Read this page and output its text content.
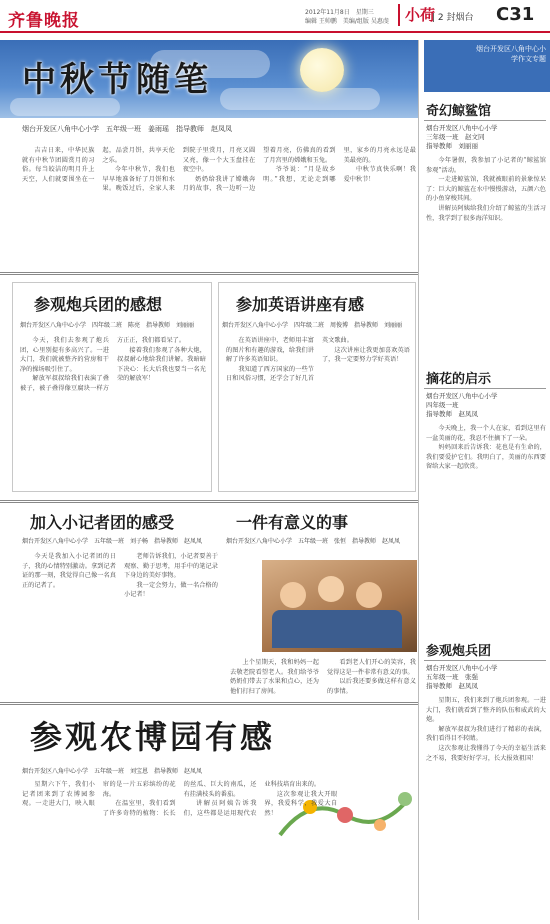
齐鲁晚报	2012年11月8日　星期三
编辑 王帅鹏　美编/组版 吴惠虔 小荷
| 2 封烟台 C31
中秋节随笔
烟台开发区八角中心小学作文专题
烟台开发区八角中心小学　五年级一班　姜雨瑶　指导教师　赵凤凤

吉吉日来，中华民族就有中秋节团圆赏月的习俗。每当皎洁的明月升上天空，人们就要围坐在一起，品尝月饼，共享天伦之乐。

今年中秋节，我们也早早地准备好了月饼和水果。晚饭过后，全家人来到院子里赏月，月亮又圆又亮，像一个大玉盘挂在夜空中。

奶奶给我讲了嫦娥奔月的故事，我一边听一边望着月亮，仿佛真的看到了月宫里的嫦娥和玉兔。

爷爷说：“月是故乡明。”我想，无论走到哪里，家乡的月亮永远是最美最亮的。

中秋节真快乐啊！我爱中秋节！

参观炮兵团的感想
烟台开发区八角中心小学　四年级二班　陈亮　指导教师　刘丽丽

今天，我们去参观了炮兵团，心里别提有多高兴了。一进大门，我们就被整齐的营房和干净的操场吸引住了。

解放军叔叔给我们表演了叠被子，被子叠得像豆腐块一样方方正正，我们都看呆了。

接着我们参观了各种大炮，叔叔耐心地给我们讲解。我暗暗下决心：长大后我也要当一名光荣的解放军！

参加英语讲座有感
烟台开发区八角中心小学　四年级二班　周俊博　指导教师　刘丽丽

在英语讲座中，老师用丰富的图片和有趣的游戏，给我们讲解了许多英语知识。

我知道了西方国家的一些节日和风俗习惯，还学会了好几首英文歌曲。

这次讲座让我更加喜欢英语了，我一定要努力学好英语！

加入小记者团的感受
烟台开发区八角中心小学　五年级一班　刘子畅　指导教师　赵凤凤

今天是我加入小记者团的日子，我的心情特别激动。拿到记者证的那一刻，我觉得自己像一名真正的记者了。

老师告诉我们，小记者要善于观察、勤于思考，用手中的笔记录下身边的美好事物。

我一定会努力，做一名合格的小记者！

一件有意义的事
烟台开发区八角中心小学　五年级一班　张恒　指导教师　赵凤凤

上个星期天，我和妈妈一起去敬老院看望老人。我们给爷爷奶奶们带去了水果和点心，还为他们打扫了房间。

看到老人们开心的笑容，我觉得这是一件非常有意义的事。

以后我还要多做这样有意义的事情。

参观农博园有感
烟台开发区八角中心小学　五年级一班　刘宝恩　指导教师　赵凤凤

星期六下午，我们小记者团来到了农博园参观。一走进大门，映入眼帘的是一片五彩缤纷的花海。

在温室里，我们看到了许多奇特的植物：长长的丝瓜、巨大的南瓜，还有挂满枝头的番茄。

讲解员阿姨告诉我们，这些都是运用现代农业科技培育出来的。

这次参观让我大开眼界，我爱科学，我爱大自然！

奇幻鲸鲨馆
烟台开发区八角中心小学
三年级一班　赵文同
指导教师　刘丽丽

今年暑假，我参加了小记者的“鲸鲨馆参观”活动。

一走进鲸鲨馆，我就被眼前的景象惊呆了：巨大的鲸鲨在水中慢慢游动，五颜六色的小鱼穿梭其间。

讲解员阿姨给我们介绍了鲸鲨的生活习性，我学到了很多海洋知识。

摘花的启示
烟台开发区八角中心小学
四年级一班
指导教师　赵凤凤

今天晚上，我一个人在家，看到这里有一盆美丽的花，我忍不住摘下了一朵。

妈妈回来后告诉我：花也是有生命的，我们要爱护它们。我明白了，美丽的东西要留给大家一起欣赏。

参观炮兵团
烟台开发区八角中心小学
五年级一班　张强
指导教师　赵凤凤

星期五，我们来到了炮兵团参观。一进大门，我们就看到了整齐的队伍和威武的大炮。

解放军叔叔为我们进行了精彩的表演，我们看得目不转睛。

这次参观让我懂得了今天的幸福生活来之不易，我要好好学习，长大报效祖国！
